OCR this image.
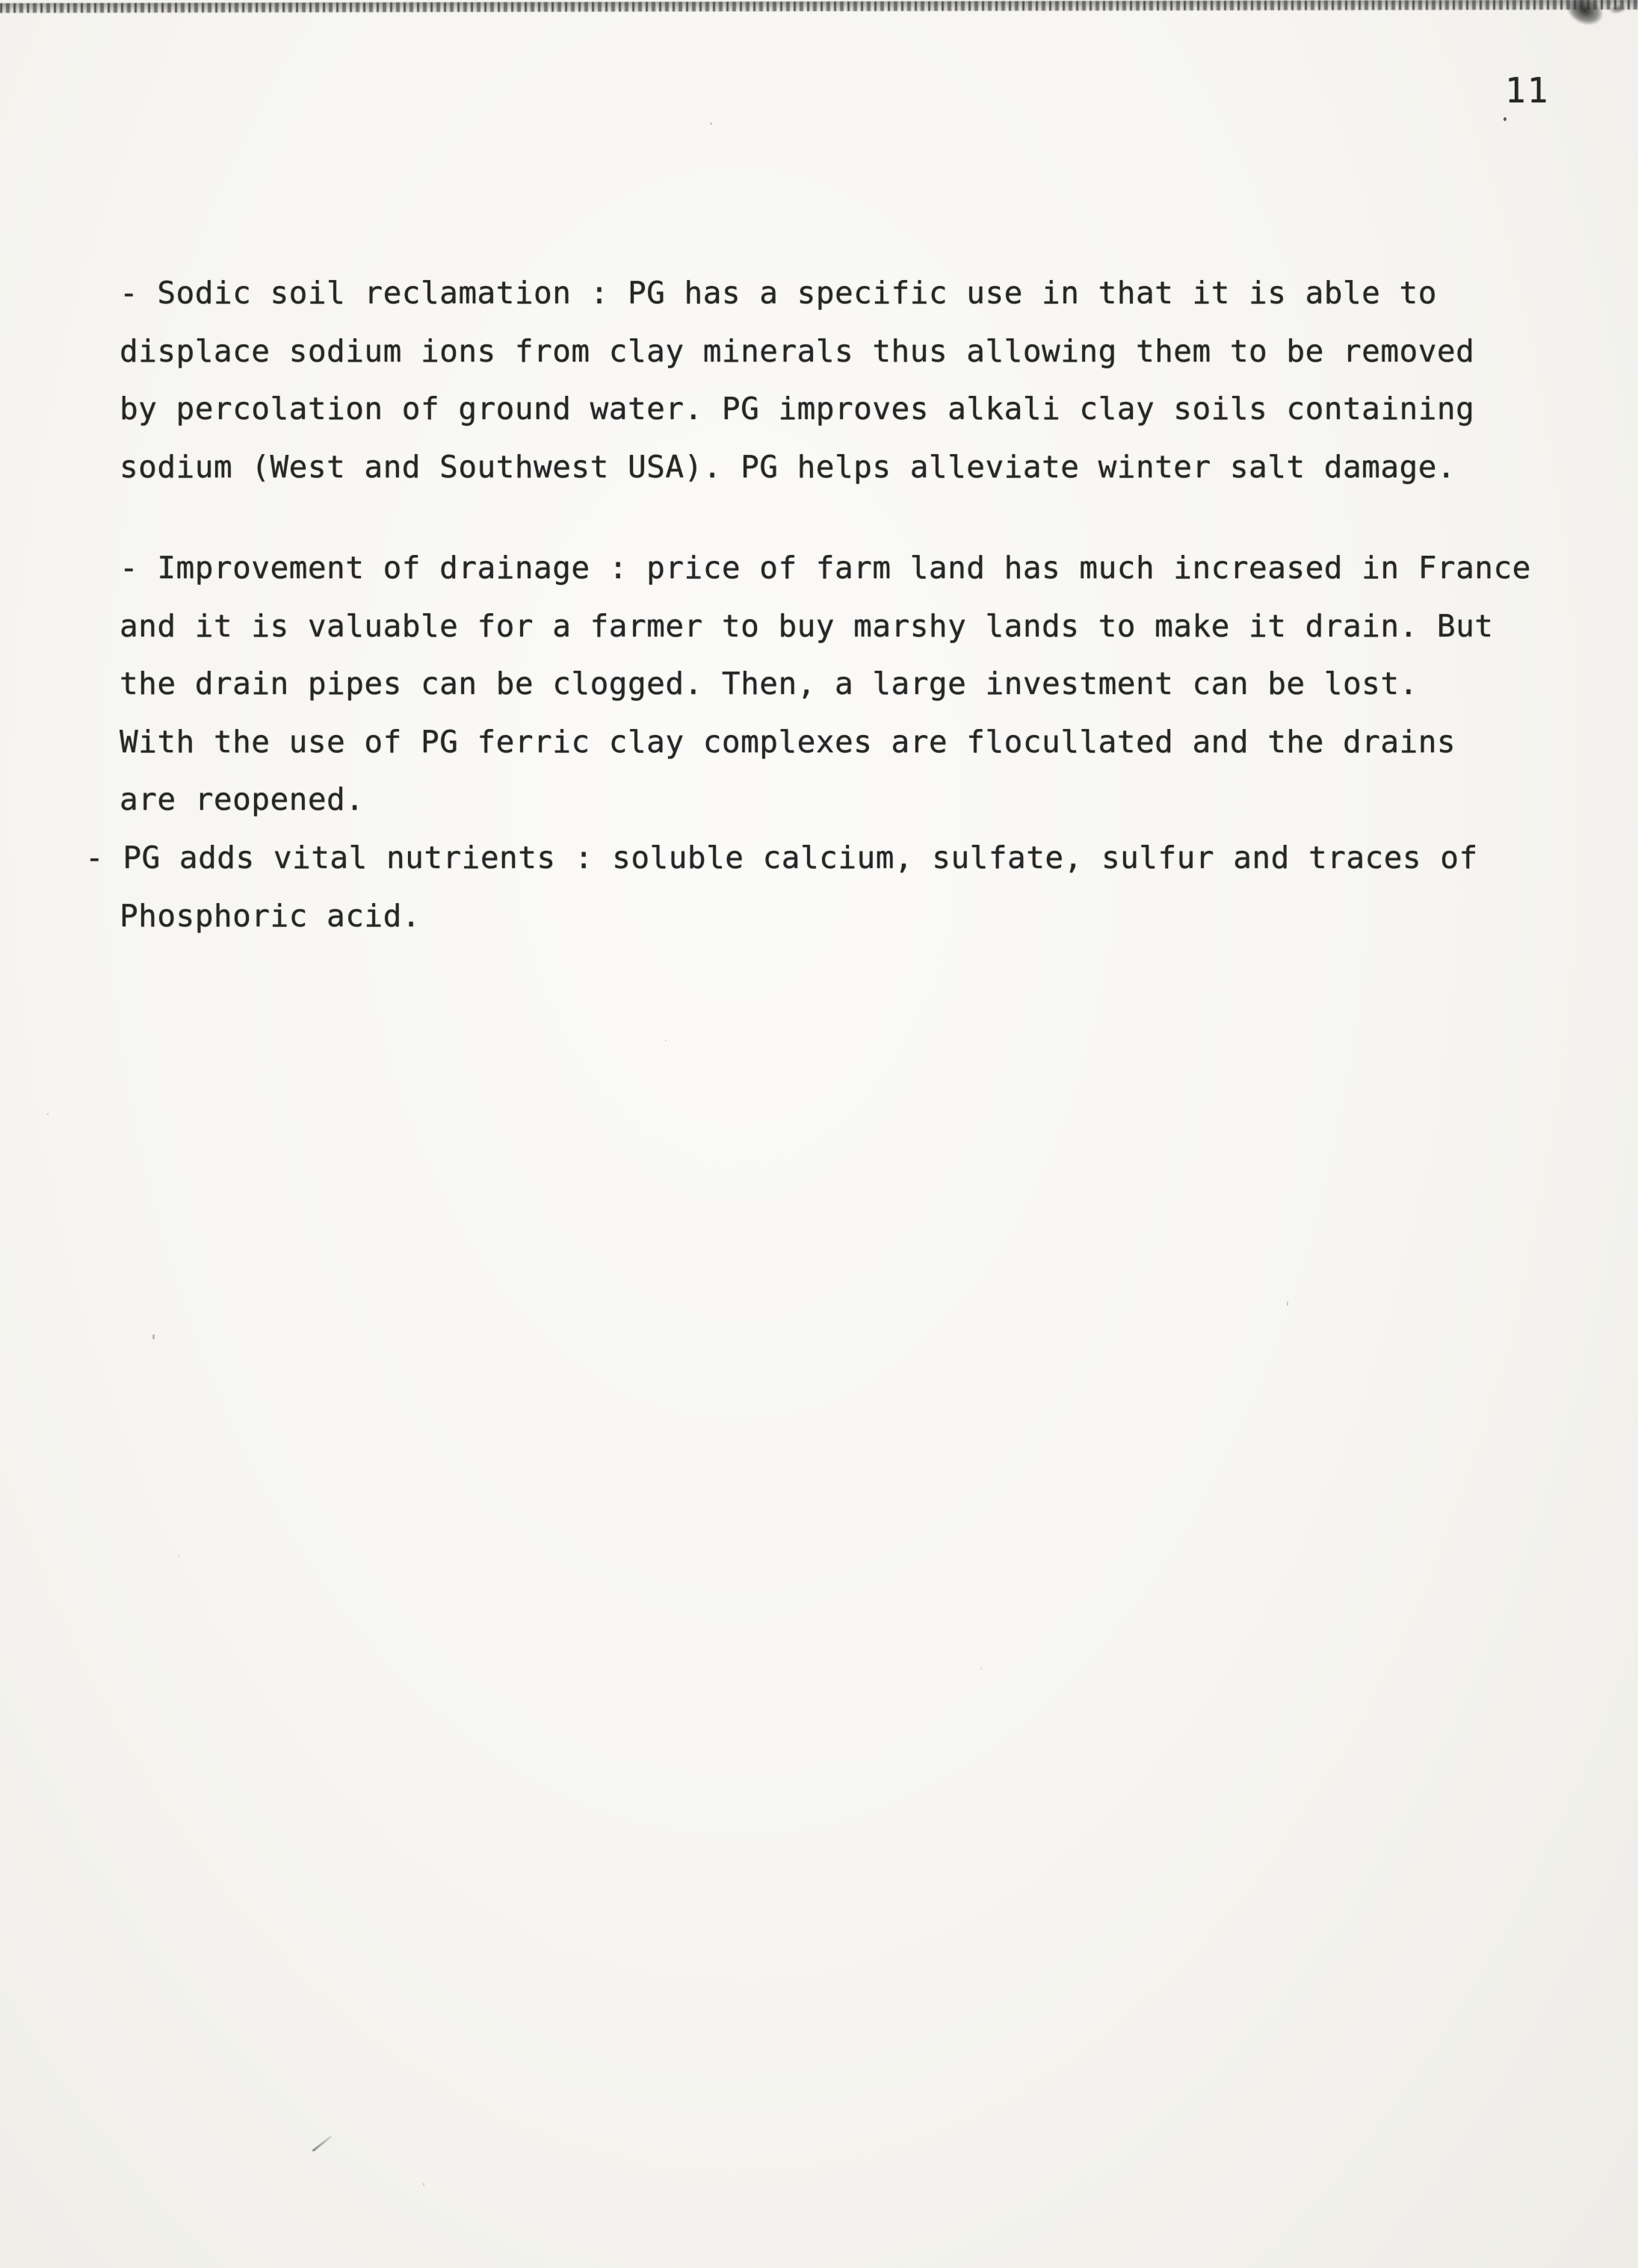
11
- Sodic soil reclamation : PG has a specific use in that it is able to
displace sodium ions from clay minerals thus allowing them to be removed
by percolation of ground water. PG improves alkali clay soils containing
sodium (West and Southwest USA). PG helps alleviate winter salt damage.
- Improvement of drainage : price of farm land has much increased in France
and it is valuable for a farmer to buy marshy lands to make it drain. But
the drain pipes can be clogged. Then, a large investment can be lost.
With the use of PG ferric clay complexes are flocullated and the drains
are reopened.
- PG adds vital nutrients : soluble calcium, sulfate, sulfur and traces of
Phosphoric acid.
